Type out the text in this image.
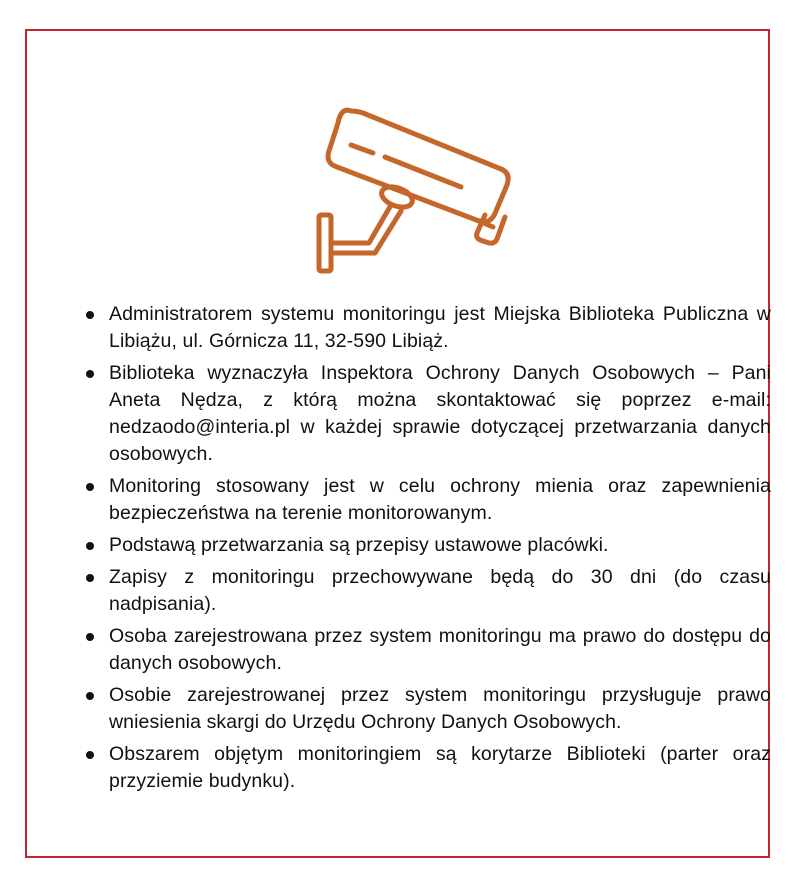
Administratorem systemu monitoringu jest Miejska Biblioteka Publiczna w Libiążu, ul. Górnicza 11, 32-590 Libiąż.
Biblioteka wyznaczyła Inspektora Ochrony Danych Osobowych – Pani Aneta Nędza, z którą można skontaktować się poprzez e-mail: nedzaodo@interia.pl w każdej sprawie dotyczącej przetwarzania danych osobowych.
Monitoring stosowany jest w celu ochrony mienia oraz zapewnienia bezpieczeństwa na terenie monitorowanym.
Podstawą przetwarzania są przepisy ustawowe placówki.
Zapisy z monitoringu przechowywane będą do 30 dni (do czasu nadpisania).
Osoba zarejestrowana przez system monitoringu ma prawo do dostępu do danych osobowych.
Osobie zarejestrowanej przez system monitoringu przysługuje prawo wniesienia skargi do Urzędu Ochrony Danych Osobowych.
Obszarem objętym monitoringiem są korytarze Biblioteki (parter oraz przyziemie budynku).
